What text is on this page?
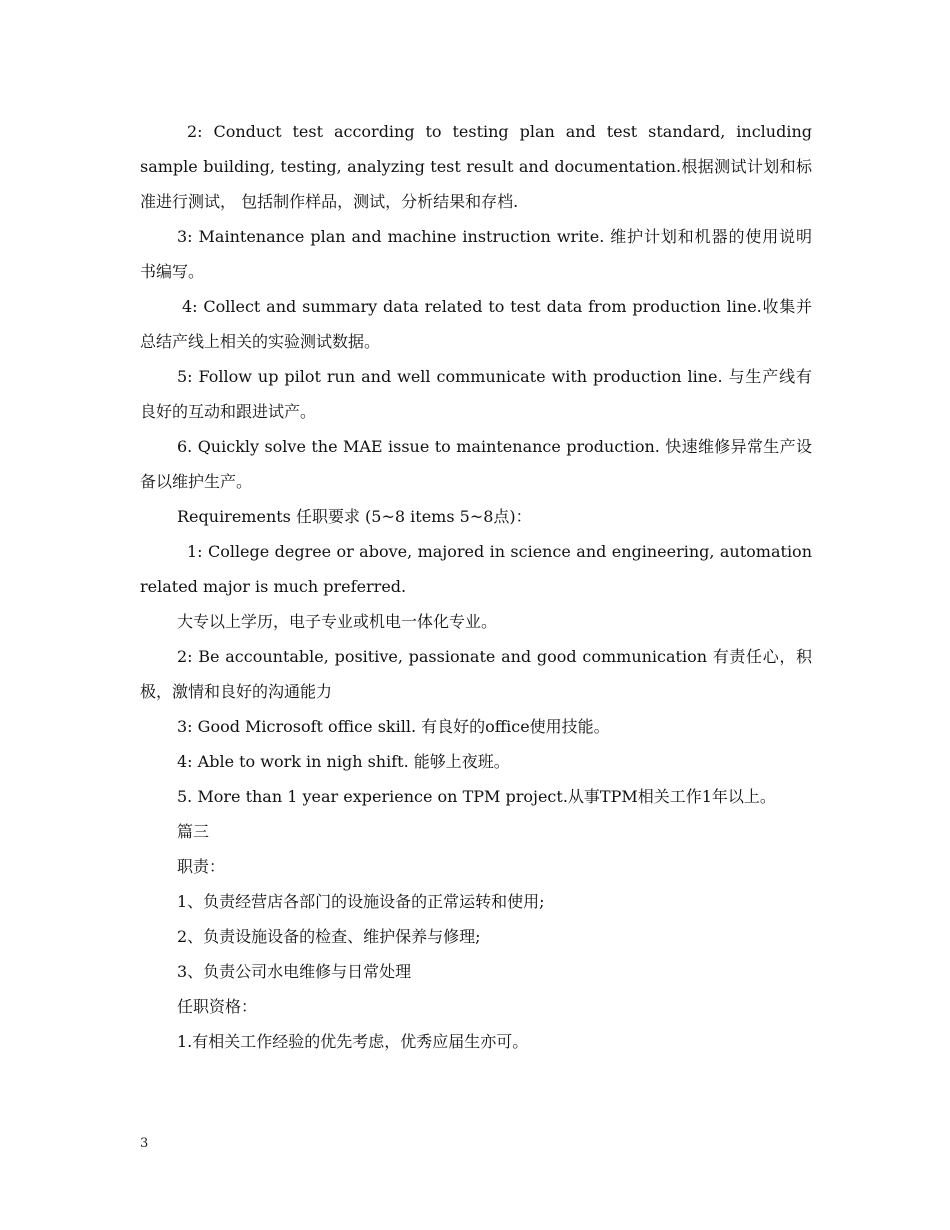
2: Conduct test according to testing plan and test standard, including sample building, testing, analyzing test result and documentation.根据测试计划和标准进行测试， 包括制作样品，测试，分析结果和存档.

3: Maintenance plan and machine instruction write. 维护计划和机器的使用说明书编写。

4: Collect and summary data related to test data from production line.收集并总结产线上相关的实验测试数据。

5: Follow up pilot run and well communicate with production line. 与生产线有良好的互动和跟进试产。

6. Quickly solve the MAE issue to maintenance production. 快速维修异常生产设备以维护生产。

Requirements 任职要求 (5~8 items 5~8点)：

1: College degree or above, majored in science and engineering, automation related major is much preferred.

大专以上学历，电子专业或机电一体化专业。

2: Be accountable, positive, passionate and good communication 有责任心，积极，激情和良好的沟通能力

3: Good Microsoft office skill. 有良好的office使用技能。

4: Able to work in nigh shift. 能够上夜班。

5. More than 1 year experience on TPM project.从事TPM相关工作1年以上。

篇三

职责：

1、负责经营店各部门的设施设备的正常运转和使用;

2、负责设施设备的检查、维护保养与修理;

3、负责公司水电维修与日常处理

任职资格：

1.有相关工作经验的优先考虑，优秀应届生亦可。

3
